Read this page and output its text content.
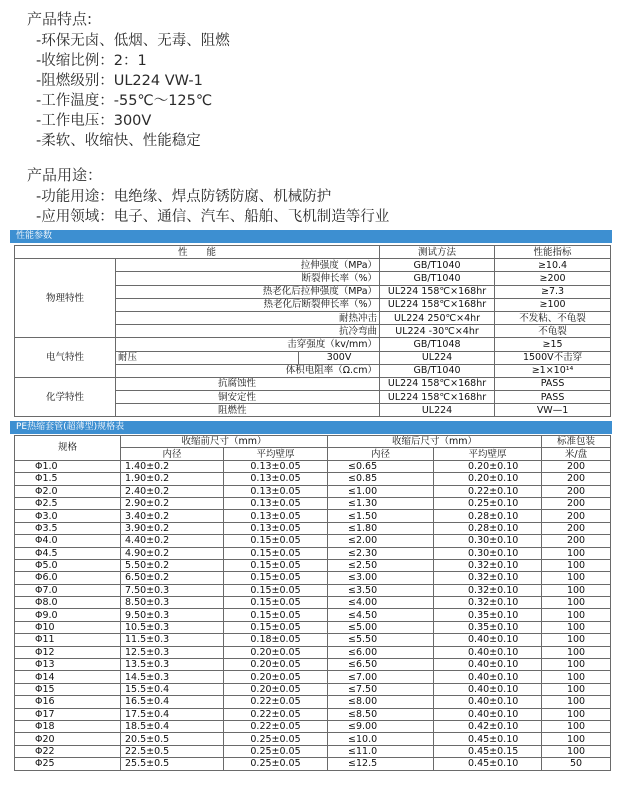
产品特点:
-环保无卤、低烟、无毒、阻燃
-收缩比例：2：1
-阻燃级别：UL224 VW-1
-工作温度：-55℃～125℃
-工作电压：300V
-柔软、收缩快、性能稳定
产品用途：
-功能用途：电绝缘、焊点防锈防腐、机械防护
-应用领域：电子、通信、汽车、船舶、飞机制造等行业
性能参数
性　　能			测试方法	性能指标
物理特性	拉伸强度（MPa）		GB/T1040	≥10.4
	断裂伸长率（%）		GB/T1040	≥200
	热老化后拉伸强度（MPa）		UL224 158℃×168hr	≥7.3
	热老化后断裂伸长率（%）		UL224 158℃×168hr	≥100
	耐热冲击		UL224 250℃×4hr	不发粘、不龟裂
	抗冷弯曲		UL224 -30℃×4hr	不龟裂
电气特性	击穿强度（kv/mm）		GB/T1048	≥15
	耐压	300V	UL224	1500V不击穿
	体积电阻率（Ω.cm）		GB/T1040	≥1×10¹⁴
化学特性	抗腐蚀性		UL224 158℃×168hr	PASS
	铜安定性		UL224 158℃×168hr	PASS
	阻燃性		UL224	VW—1
PE热缩套管(超薄型)规格表
规格	收缩前尺寸（mm）		收缩后尺寸（mm）		标准包装
	内径	平均壁厚	内径	平均壁厚	米/盘
Φ1.0	1.40±0.2	0.13±0.05	≤0.65	0.20±0.10	200
Φ1.5	1.90±0.2	0.13±0.05	≤0.85	0.20±0.10	200
Φ2.0	2.40±0.2	0.13±0.05	≤1.00	0.22±0.10	200
Φ2.5	2.90±0.2	0.13±0.05	≤1.30	0.25±0.10	200
Φ3.0	3.40±0.2	0.13±0.05	≤1.50	0.28±0.10	200
Φ3.5	3.90±0.2	0.13±0.05	≤1.80	0.28±0.10	200
Φ4.0	4.40±0.2	0.15±0.05	≤2.00	0.30±0.10	200
Φ4.5	4.90±0.2	0.15±0.05	≤2.30	0.30±0.10	100
Φ5.0	5.50±0.2	0.15±0.05	≤2.50	0.32±0.10	100
Φ6.0	6.50±0.2	0.15±0.05	≤3.00	0.32±0.10	100
Φ7.0	7.50±0.3	0.15±0.05	≤3.50	0.32±0.10	100
Φ8.0	8.50±0.3	0.15±0.05	≤4.00	0.32±0.10	100
Φ9.0	9.50±0.3	0.15±0.05	≤4.50	0.35±0.10	100
Φ10	10.5±0.3	0.15±0.05	≤5.00	0.35±0.10	100
Φ11	11.5±0.3	0.18±0.05	≤5.50	0.40±0.10	100
Φ12	12.5±0.3	0.20±0.05	≤6.00	0.40±0.10	100
Φ13	13.5±0.3	0.20±0.05	≤6.50	0.40±0.10	100
Φ14	14.5±0.3	0.20±0.05	≤7.00	0.40±0.10	100
Φ15	15.5±0.4	0.20±0.05	≤7.50	0.40±0.10	100
Φ16	16.5±0.4	0.22±0.05	≤8.00	0.40±0.10	100
Φ17	17.5±0.4	0.22±0.05	≤8.50	0.40±0.10	100
Φ18	18.5±0.4	0.22±0.05	≤9.00	0.42±0.10	100
Φ20	20.5±0.5	0.25±0.05	≤10.0	0.45±0.10	100
Φ22	22.5±0.5	0.25±0.05	≤11.0	0.45±0.15	100
Φ25	25.5±0.5	0.25±0.05	≤12.5	0.45±0.10	50
